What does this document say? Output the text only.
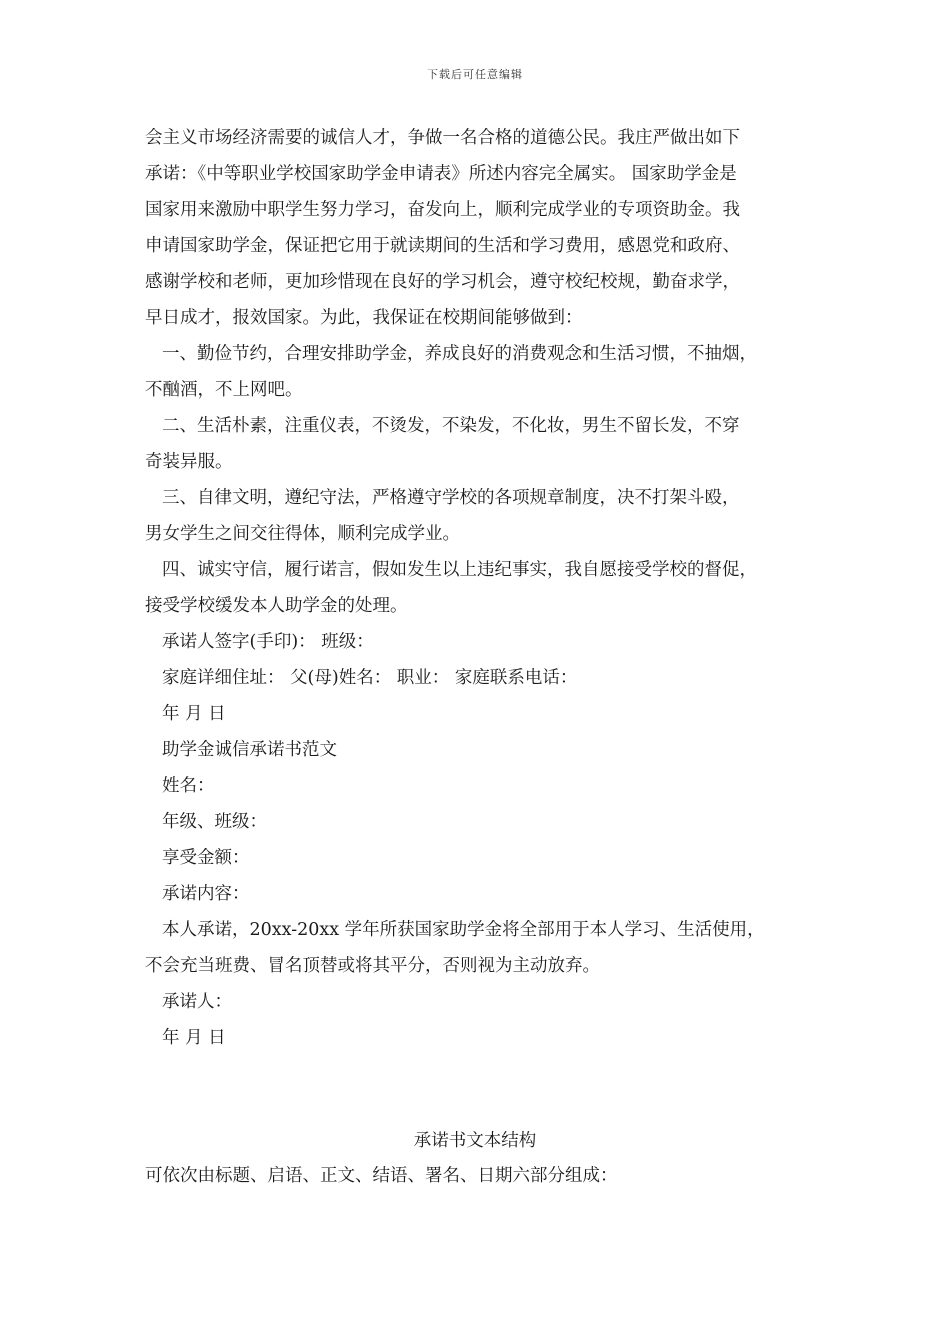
下载后可任意编辑
会主义市场经济需要的诚信人才，争做一名合格的道德公民。我庄严做出如下
承诺：《中等职业学校国家助学金申请表》所述内容完全属实。 国家助学金是
国家用来激励中职学生努力学习，奋发向上，顺利完成学业的专项资助金。我
申请国家助学金，保证把它用于就读期间的生活和学习费用，感恩党和政府、
感谢学校和老师，更加珍惜现在良好的学习机会，遵守校纪校规，勤奋求学，
早日成才，报效国家。为此，我保证在校期间能够做到：
一、勤俭节约，合理安排助学金，养成良好的消费观念和生活习惯，不抽烟，
不酗酒，不上网吧。
二、生活朴素，注重仪表，不烫发，不染发，不化妆，男生不留长发，不穿
奇装异服。
三、自律文明，遵纪守法，严格遵守学校的各项规章制度，决不打架斗殴，
男女学生之间交往得体，顺利完成学业。
四、诚实守信，履行诺言，假如发生以上违纪事实，我自愿接受学校的督促，
接受学校缓发本人助学金的处理。
承诺人签字(手印)： 班级：
家庭详细住址： 父(母)姓名： 职业： 家庭联系电话：
年 月 日
助学金诚信承诺书范文
姓名：
年级、班级：
享受金额：
承诺内容：
本人承诺，20xx-20xx 学年所获国家助学金将全部用于本人学习、生活使用，
不会充当班费、冒名顶替或将其平分，否则视为主动放弃。
承诺人：
年 月 日
承诺书文本结构
可依次由标题、启语、正文、结语、署名、日期六部分组成：
